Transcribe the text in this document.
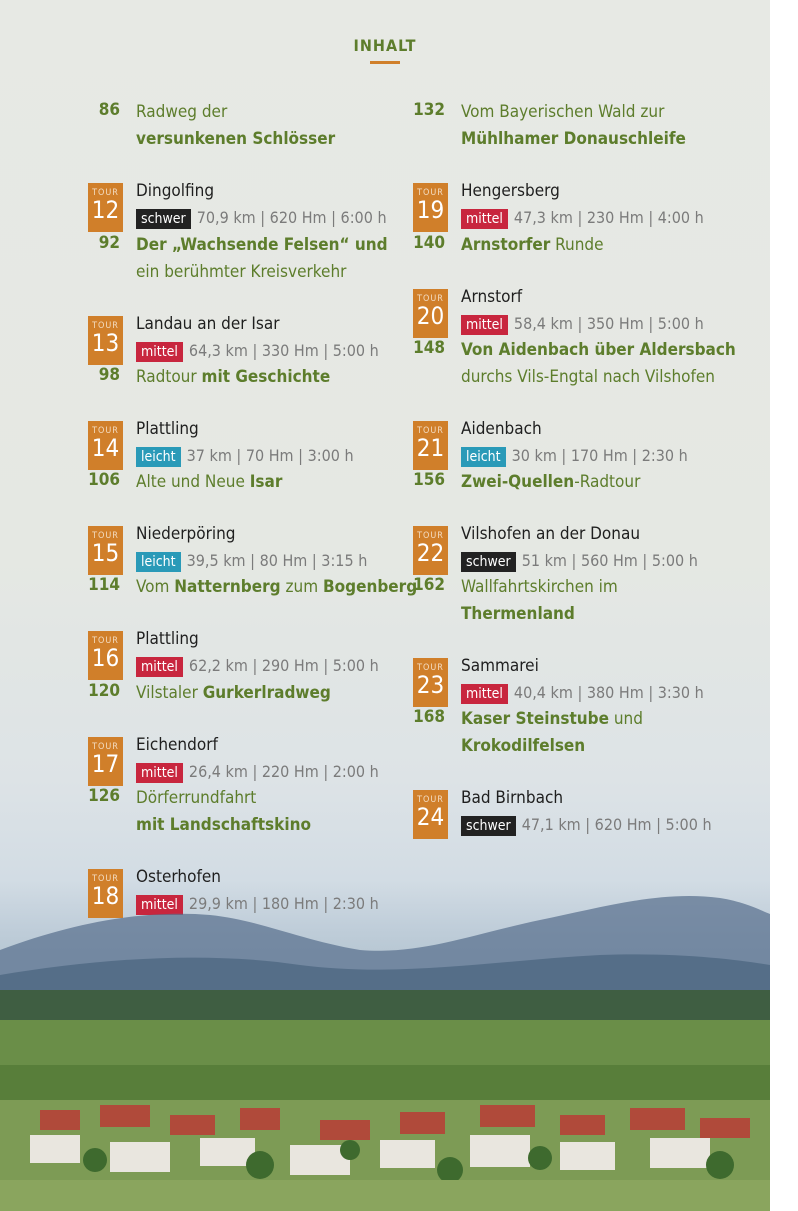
INHALT
86 Radweg der
versunkenen Schlösser
TOUR
12
Dingolfing
schwer 70,9 km | 620 Hm | 6:00 h
92 Der „Wachsende Felsen“ und
ein berühmter Kreisverkehr
TOUR
13
Landau an der Isar
mittel 64,3 km | 330 Hm | 5:00 h
98 Radtour mit Geschichte
TOUR
14
Plattling
leicht 37 km | 70 Hm | 3:00 h
106 Alte und Neue Isar
TOUR
15
Niederpöring
leicht 39,5 km | 80 Hm | 3:15 h
114 Vom Natternberg zum Bogenberg
TOUR
16
Plattling
mittel 62,2 km | 290 Hm | 5:00 h
120 Vilstaler Gurkerlradweg
TOUR
17
Eichendorf
mittel 26,4 km | 220 Hm | 2:00 h
126 Dörferrundfahrt
mit Landschaftskino
TOUR
18
Osterhofen
mittel 29,9 km | 180 Hm | 2:30 h
132 Vom Bayerischen Wald zur
Mühlhamer Donauschleife
TOUR
19
Hengersberg
mittel 47,3 km | 230 Hm | 4:00 h
140 Arnstorfer Runde
TOUR
20
Arnstorf
mittel 58,4 km | 350 Hm | 5:00 h
148 Von Aidenbach über Aldersbach
durchs Vils-Engtal nach Vilshofen
TOUR
21
Aidenbach
leicht 30 km | 170 Hm | 2:30 h
156 Zwei-Quellen-Radtour
TOUR
22
Vilshofen an der Donau
schwer 51 km | 560 Hm | 5:00 h
162 Wallfahrtskirchen im
Thermenland
TOUR
23
Sammarei
mittel 40,4 km | 380 Hm | 3:30 h
168 Kaser Steinstube und
Krokodilfelsen
TOUR
24
Bad Birnbach
schwer 47,1 km | 620 Hm | 5:00 h
